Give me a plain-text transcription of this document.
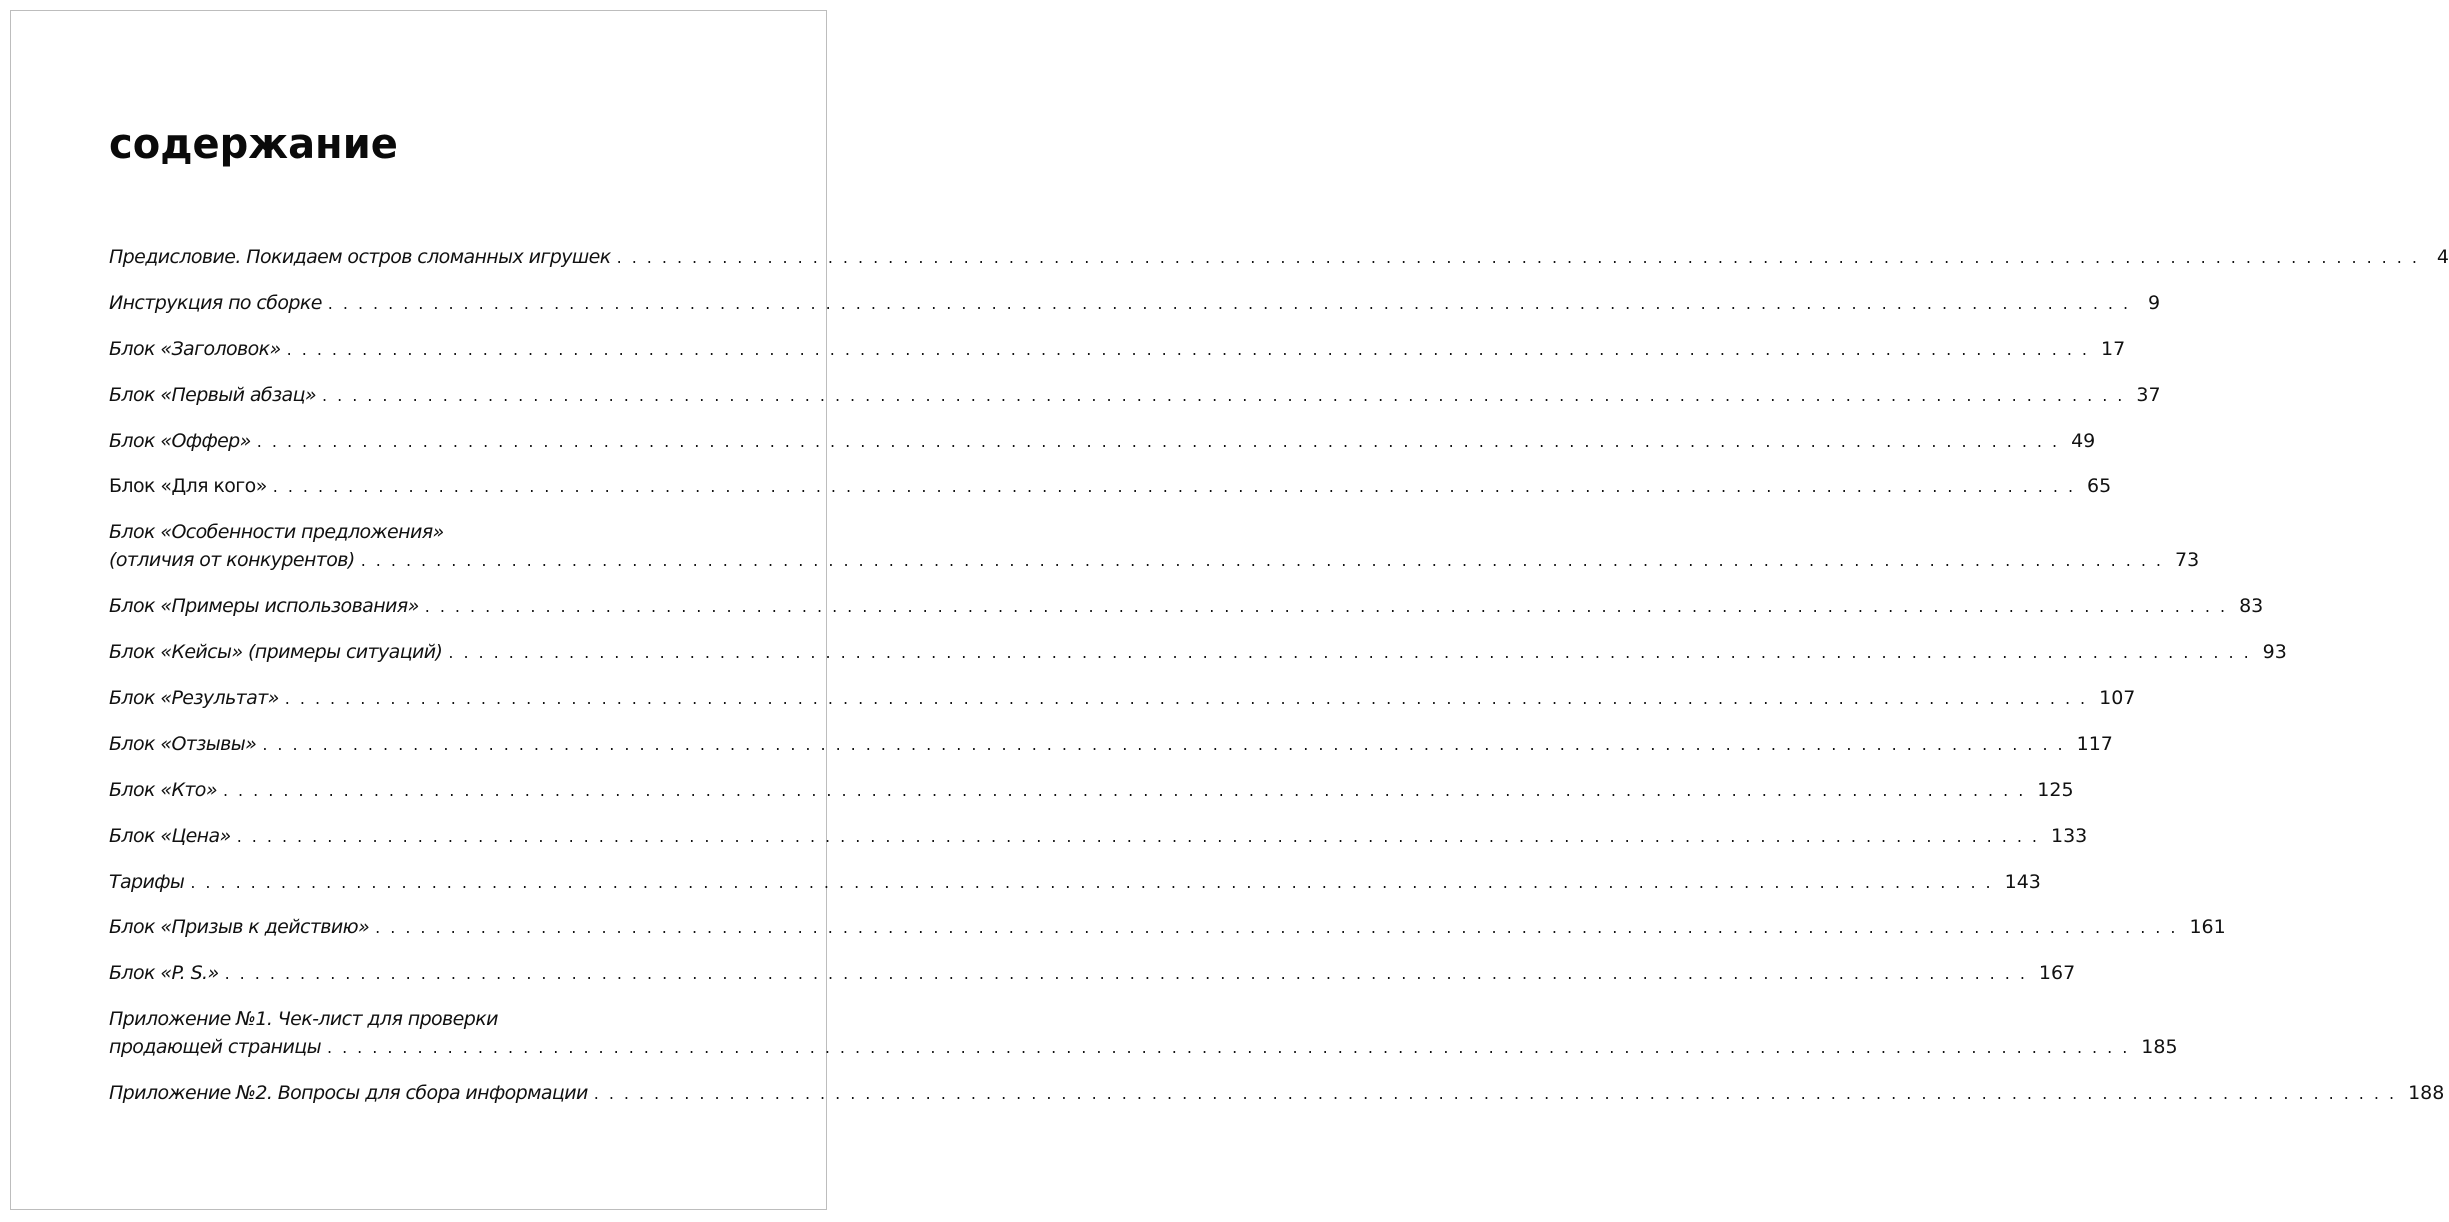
содержание
Предисловие. Покидаем остров сломанных игрушек ........................................................................................................................ 4
Инструкция по сборке ........................................................................................................................ 9
Блок «Заголовок» ........................................................................................................................ 17
Блок «Первый абзац» ........................................................................................................................ 37
Блок «Оффер» ........................................................................................................................ 49
Блок «Для кого» ........................................................................................................................ 65
Блок «Особенности предложения»
(отличия от конкурентов) ........................................................................................................................ 73
Блок «Примеры использования» ........................................................................................................................ 83
Блок «Кейсы» (примеры ситуаций) ........................................................................................................................ 93
Блок «Результат» ........................................................................................................................ 107
Блок «Отзывы» ........................................................................................................................ 117
Блок «Кто» ........................................................................................................................ 125
Блок «Цена» ........................................................................................................................ 133
Тарифы ........................................................................................................................ 143
Блок «Призыв к действию» ........................................................................................................................ 161
Блок «P. S.» ........................................................................................................................ 167
Приложение №1. Чек-лист для проверки
продающей страницы ........................................................................................................................ 185
Приложение №2. Вопросы для сбора информации ........................................................................................................................ 188
